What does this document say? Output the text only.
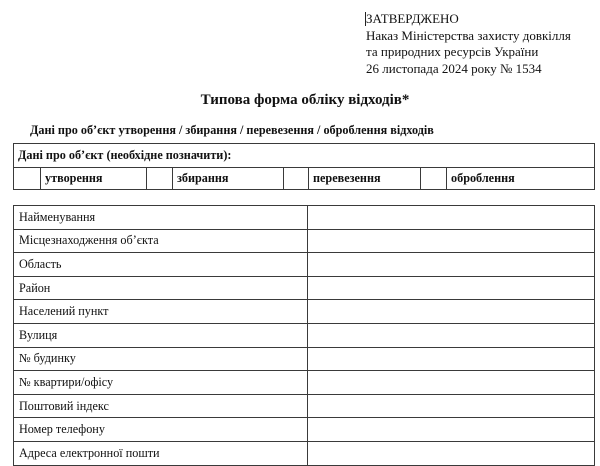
ЗАТВЕРДЖЕНО
Наказ Міністерства захисту довкілля
та природних ресурсів України
26 листопада 2024 року № 1534
Типова форма обліку відходів*
Дані про об’єкт утворення / збирання / перевезення / оброблення відходів
Дані про об’єкт (необхідне позначити):
	утворення		збирання		перевезення		оброблення
Найменування	
Місцезнаходження об’єкта	
Область	
Район	
Населений пункт	
Вулиця	
№ будинку	
№ квартири/офісу	
Поштовий індекс	
Номер телефону	
Адреса електронної пошти	
